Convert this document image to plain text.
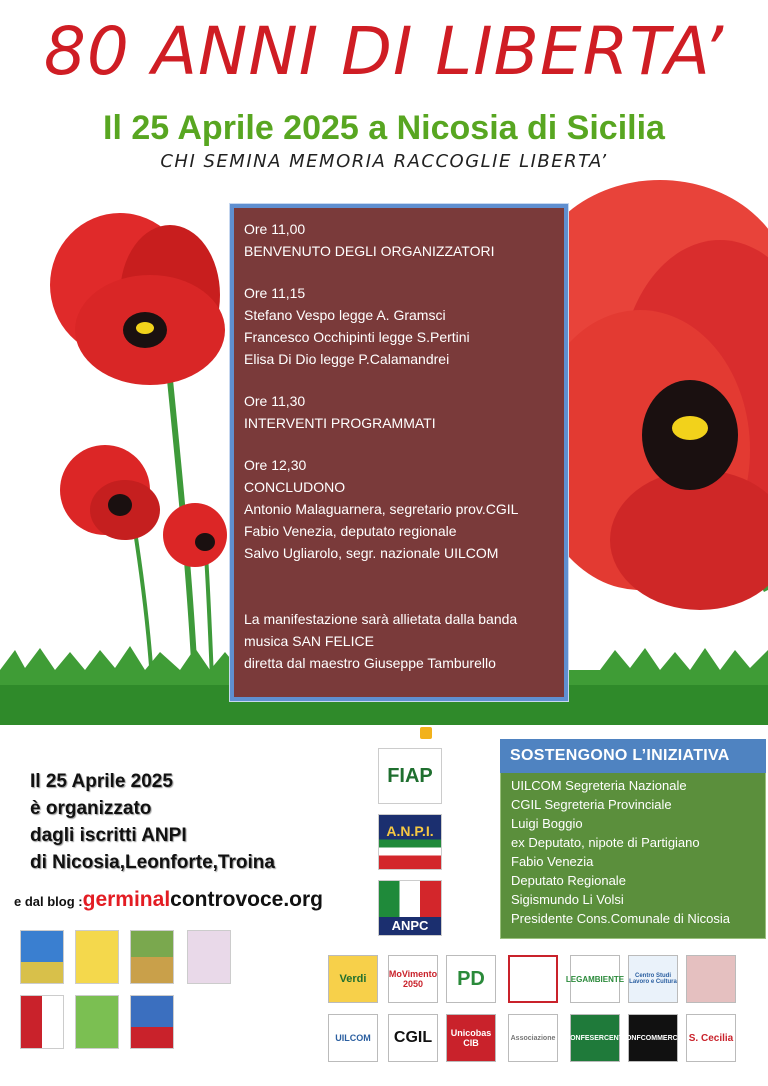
80 ANNI DI LIBERTA’
Il 25 Aprile 2025 a Nicosia di Sicilia
CHI SEMINA MEMORIA RACCOGLIE LIBERTA’

Ore 11,00
BENVENUTO DEGLI ORGANIZZATORI

Ore 11,15
Stefano Vespo legge A. Gramsci
Francesco Occhipinti legge S.Pertini
Elisa Di Dio legge P.Calamandrei

Ore 11,30
INTERVENTI PROGRAMMATI

Ore 12,30
CONCLUDONO
Antonio Malaguarnera, segretario prov.CGIL
Fabio Venezia, deputato regionale
Salvo Ugliarolo, segr. nazionale UILCOM

La manifestazione sarà allietata dalla banda
musica SAN FELICE
diretta dal maestro Giuseppe Tamburello

Il 25 Aprile 2025
è organizzato
dagli iscritti ANPI
di Nicosia,Leonforte,Troina
e dal blog :germinalcontrovoce.org
FIAP
A.N.P.I.
ANPC
SOSTENGONO L’INIZIATIVA
UILCOM Segreteria Nazionale
CGIL Segreteria Provinciale
Luigi Boggio
ex Deputato, nipote di Partigiano
Fabio Venezia
Deputato Regionale
Sigismundo Li Volsi
Presidente Cons.Comunale di Nicosia
Verdi	MoVimento 2050	PD	LEGAMBIENTE	Centro Studi Lavoro e Cultura
UILCOM	CGIL	Unicobas CIB	Associazione	CONFESERCENTI
CONFCOMMERCIO S. Cecilia
